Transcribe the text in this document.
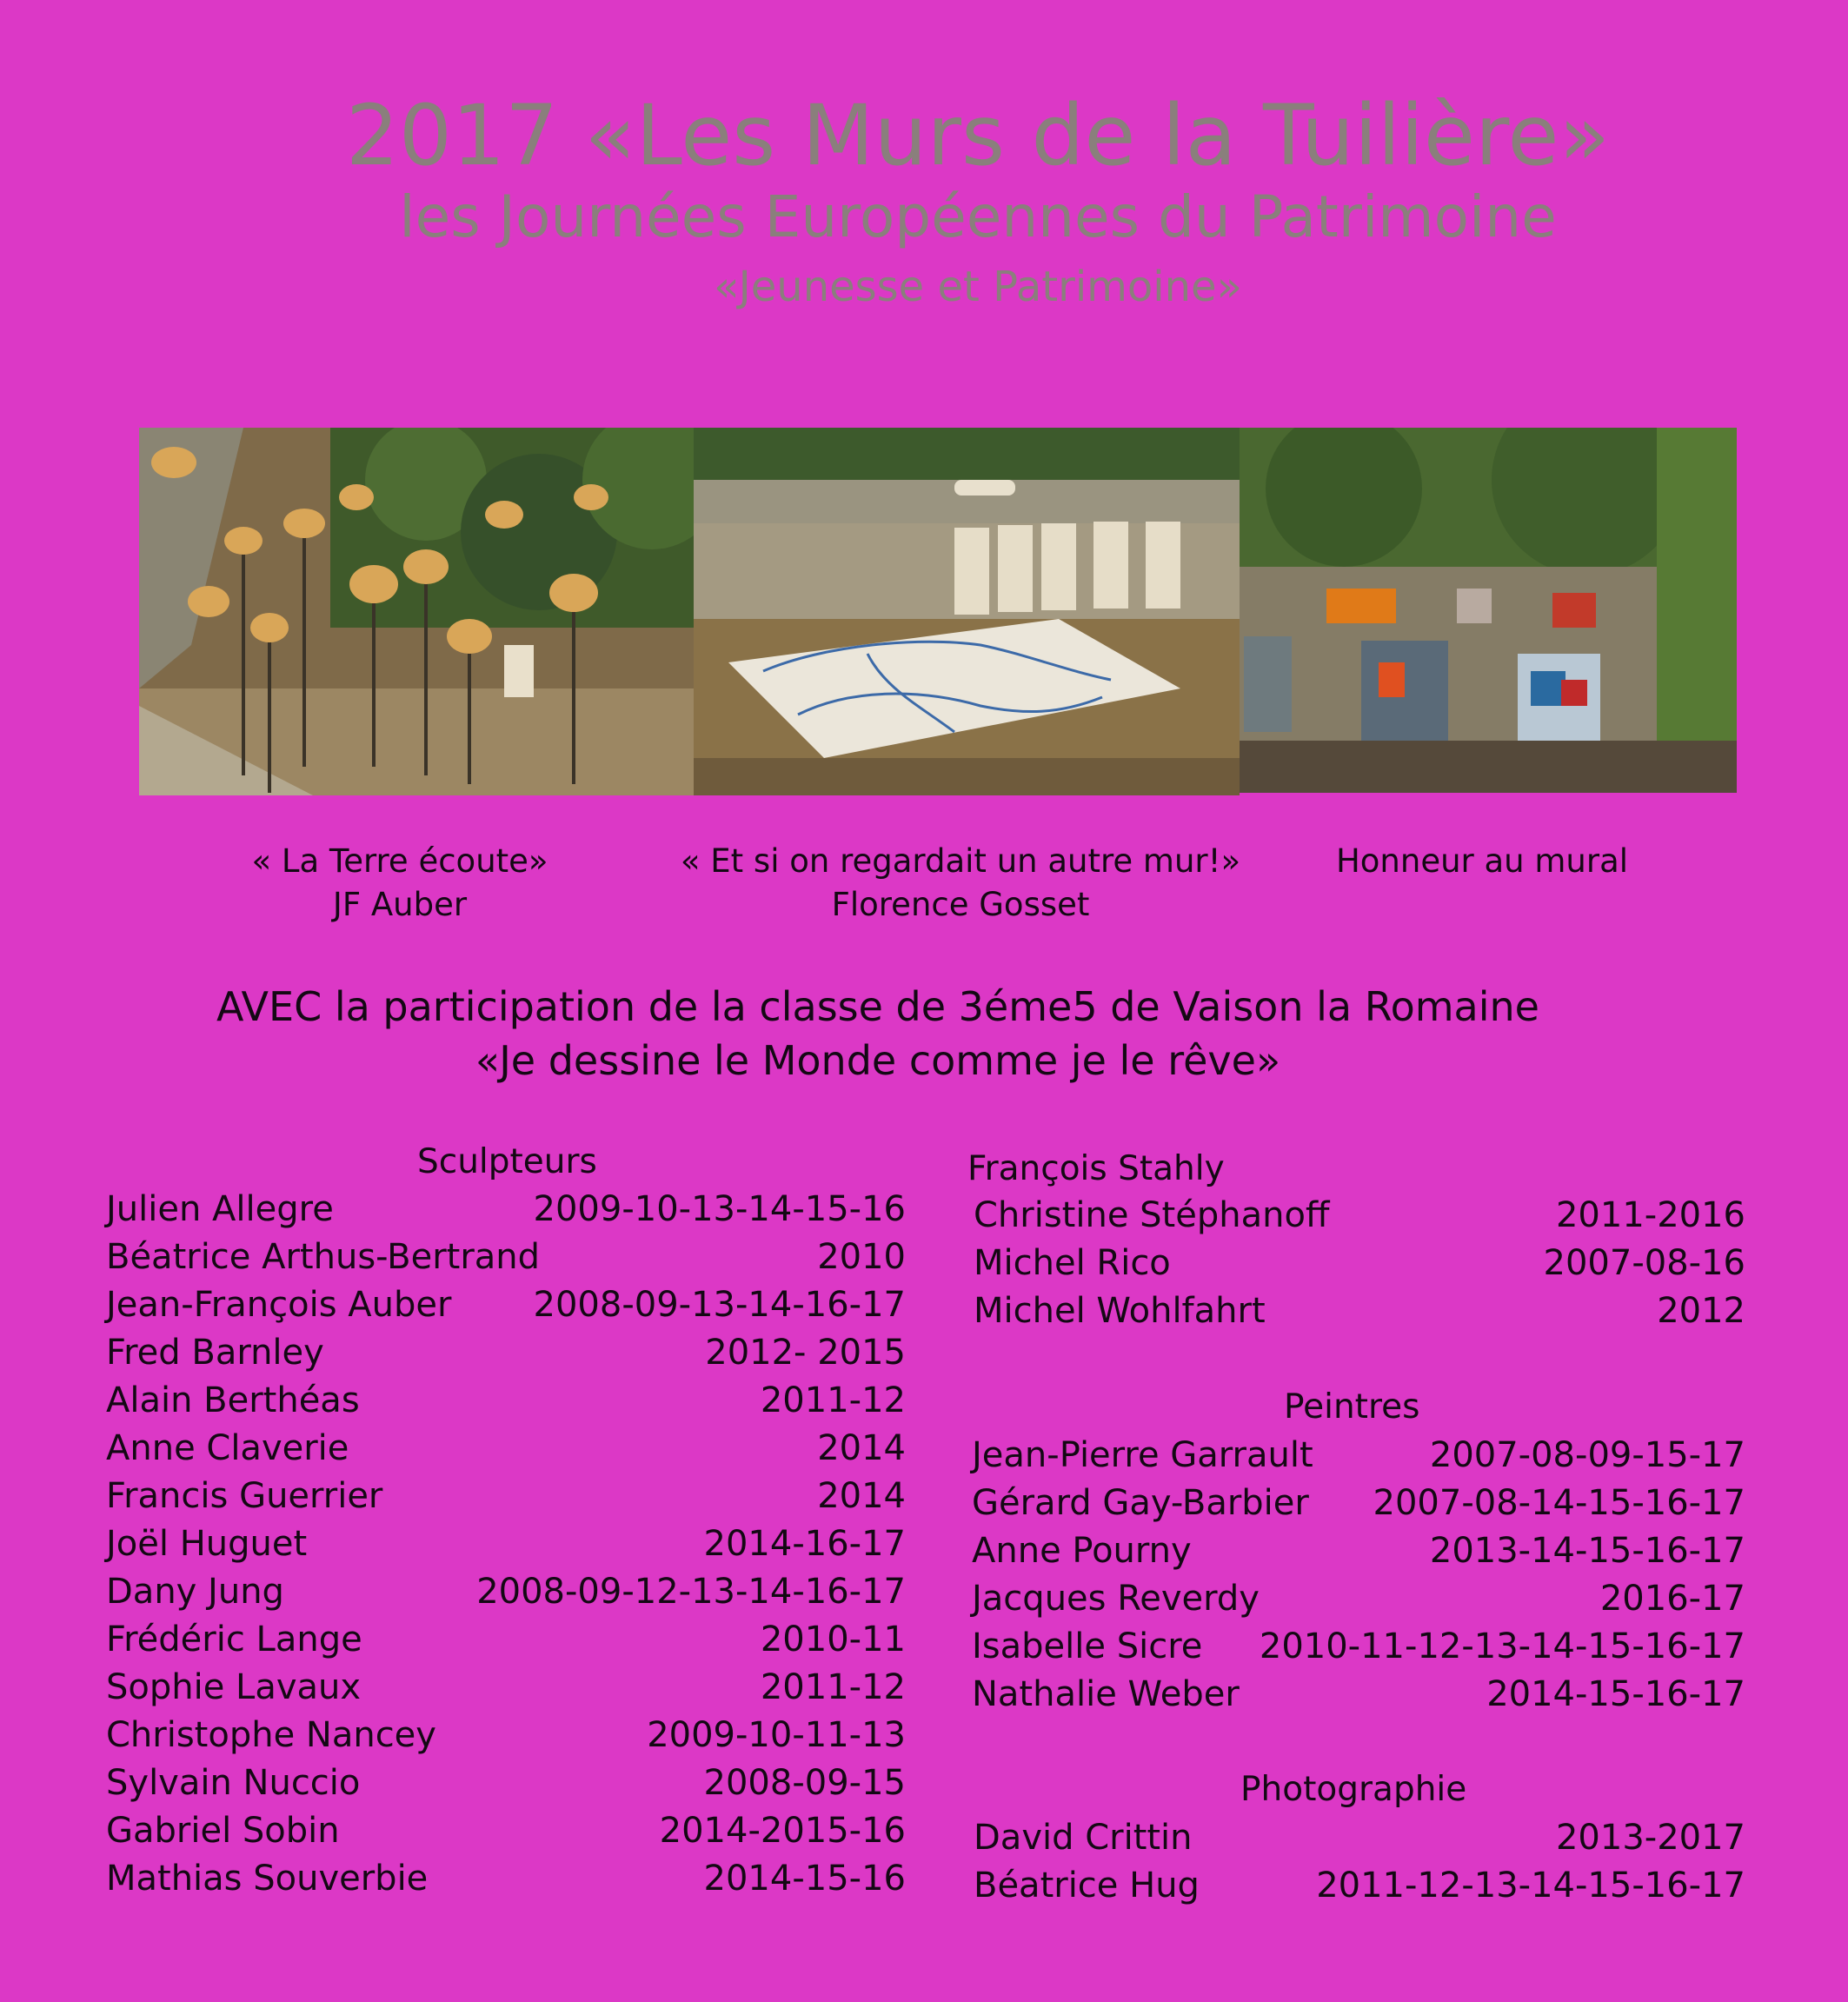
2017 «Les Murs de la Tuilière»
les Journées Européennes du Patrimoine
«Jeunesse et Patrimoine»
« La Terre écoute»
JF Auber
« Et si on regardait un autre mur!»
Florence Gosset
Honneur au mural
AVEC la participation de la classe de 3éme5 de Vaison la Romaine
«Je dessine le Monde comme je le rêve»
Sculpteurs
Julien Allegre	2009-10-13-14-15-16
Béatrice Arthus-Bertrand	2010
Jean-François Auber 2008-09-13-14-16-17
Fred Barnley	2012- 2015
Alain Berthéas	2011-12
Anne Claverie	2014
Francis Guerrier	2014
Joël Huguet	2014-16-17
Dany Jung	2008-09-12-13-14-16-17
Frédéric Lange	2010-11
Sophie Lavaux	2011-12
Christophe Nancey	2009-10-11-13
Sylvain Nuccio	2008-09-15
Gabriel Sobin	2014-2015-16
Mathias Souverbie	2014-15-16
François Stahly
Christine Stéphanoff	2011-2016
Michel Rico	2007-08-16
Michel Wohlfahrt	2012
Peintres
Jean-Pierre Garrault	2007-08-09-15-17
Gérard Gay-Barbier 2007-08-14-15-16-17
Anne Pourny	2013-14-15-16-17
Jacques Reverdy	2016-17
Isabelle Sicre 2010-11-12-13-14-15-16-17
Nathalie Weber	2014-15-16-17
Photographie
David Crittin	2013-2017
Béatrice Hug	2011-12-13-14-15-16-17
